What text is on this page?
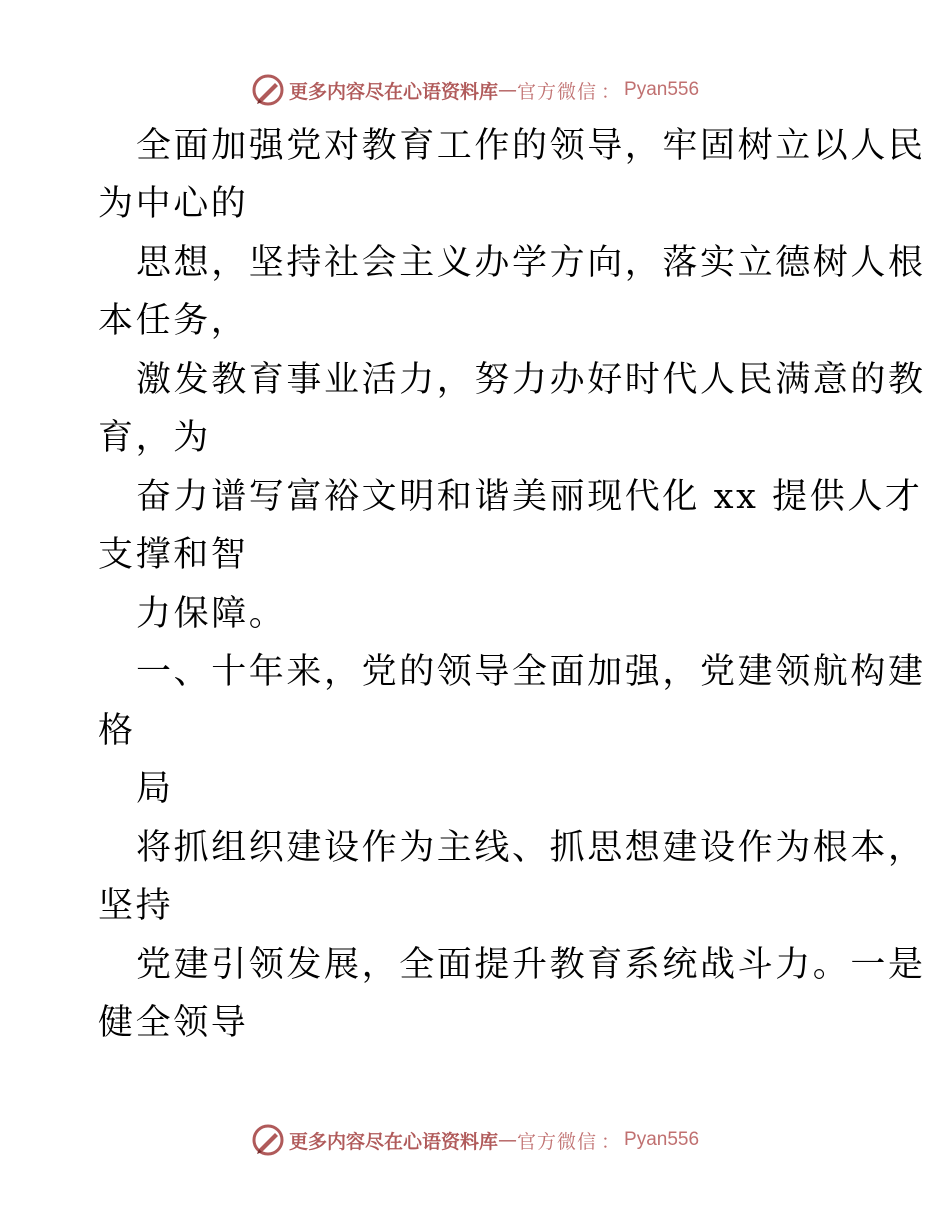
更多内容尽在心语资料库 — 官方微信 ： Pyan556
全面加强党对教育工作的领导，牢固树立以人民
为中心的
思想，坚持社会主义办学方向，落实立德树人根
本任务，
激发教育事业活力，努力办好时代人民满意的教
育，为
奋力谱写富裕文明和谐美丽现代化 xx 提供人才
支撑和智
力保障。
一、十年来，党的领导全面加强，党建领航构建
格
局
将抓组织建设作为主线、抓思想建设作为根本，
坚持
党建引领发展，全面提升教育系统战斗力。一是
健全领导
更多内容尽在心语资料库 — 官方微信 ： Pyan556
